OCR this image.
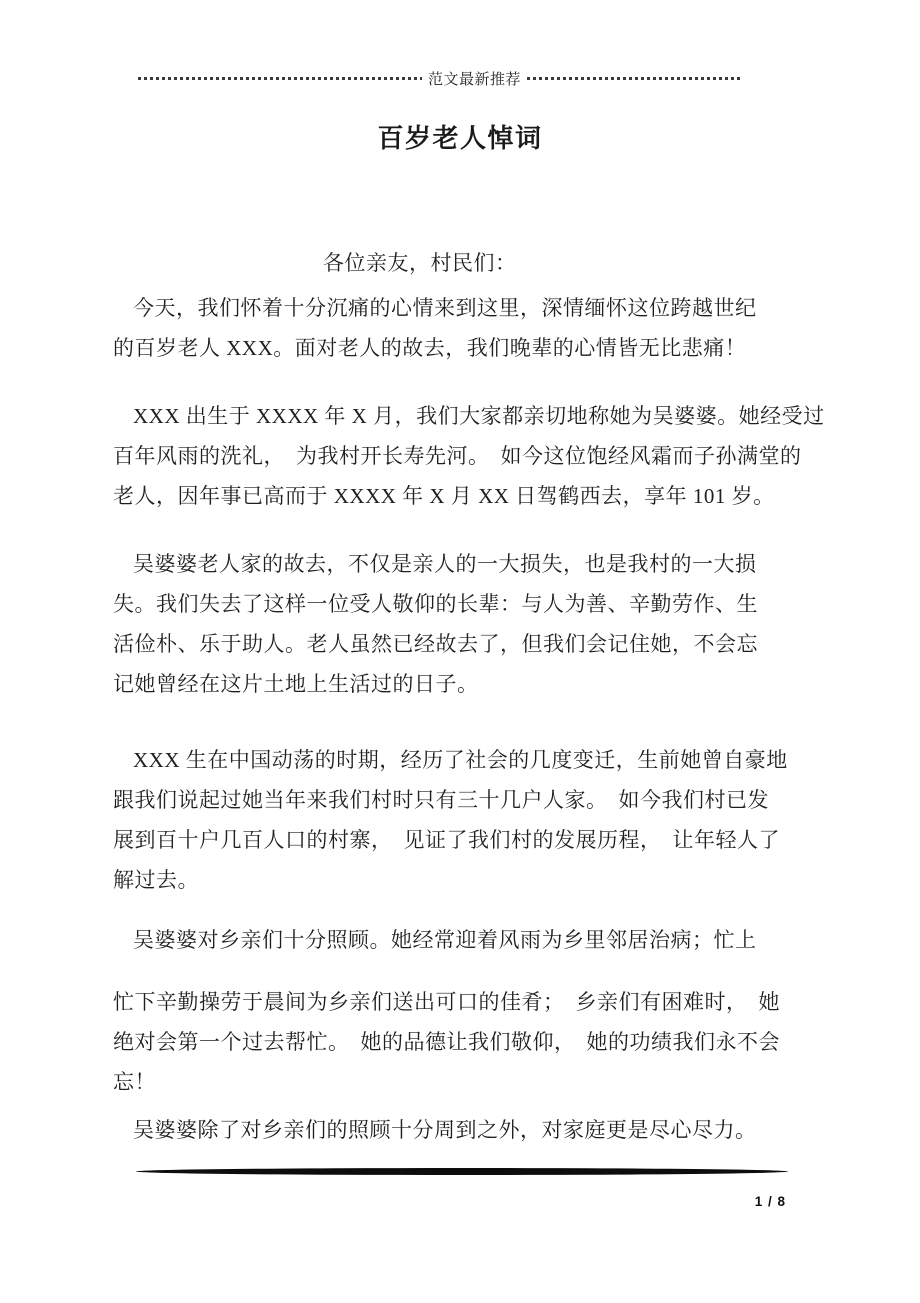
范文最新推荐
百岁老人悼词
各位亲友，村民们：
今天，我们怀着十分沉痛的心情来到这里，深情缅怀这位跨越世纪
的百岁老人 XXX。面对老人的故去，我们晚辈的心情皆无比悲痛！
XXX 出生于 XXXX 年 X 月，我们大家都亲切地称她为吴婆婆。她经受过
百年风雨的洗礼，　为我村开长寿先河。　如今这位饱经风霜而子孙满堂的
老人，因年事已高而于 XXXX 年 X 月 XX 日驾鹤西去，享年 101 岁。
吴婆婆老人家的故去，不仅是亲人的一大损失，也是我村的一大损
失。我们失去了这样一位受人敬仰的长辈：与人为善、辛勤劳作、生
活俭朴、乐于助人。老人虽然已经故去了，但我们会记住她，不会忘
记她曾经在这片土地上生活过的日子。
XXX 生在中国动荡的时期，经历了社会的几度变迁，生前她曾自豪地
跟我们说起过她当年来我们村时只有三十几户人家。　如今我们村已发
展到百十户几百人口的村寨，　见证了我们村的发展历程，　让年轻人了
解过去。
吴婆婆对乡亲们十分照顾。她经常迎着风雨为乡里邻居治病；忙上
忙下辛勤操劳于晨间为乡亲们送出可口的佳肴；　乡亲们有困难时，　她
绝对会第一个过去帮忙。　她的品德让我们敬仰，　她的功绩我们永不会
忘！
吴婆婆除了对乡亲们的照顾十分周到之外，对家庭更是尽心尽力。
1 / 8
